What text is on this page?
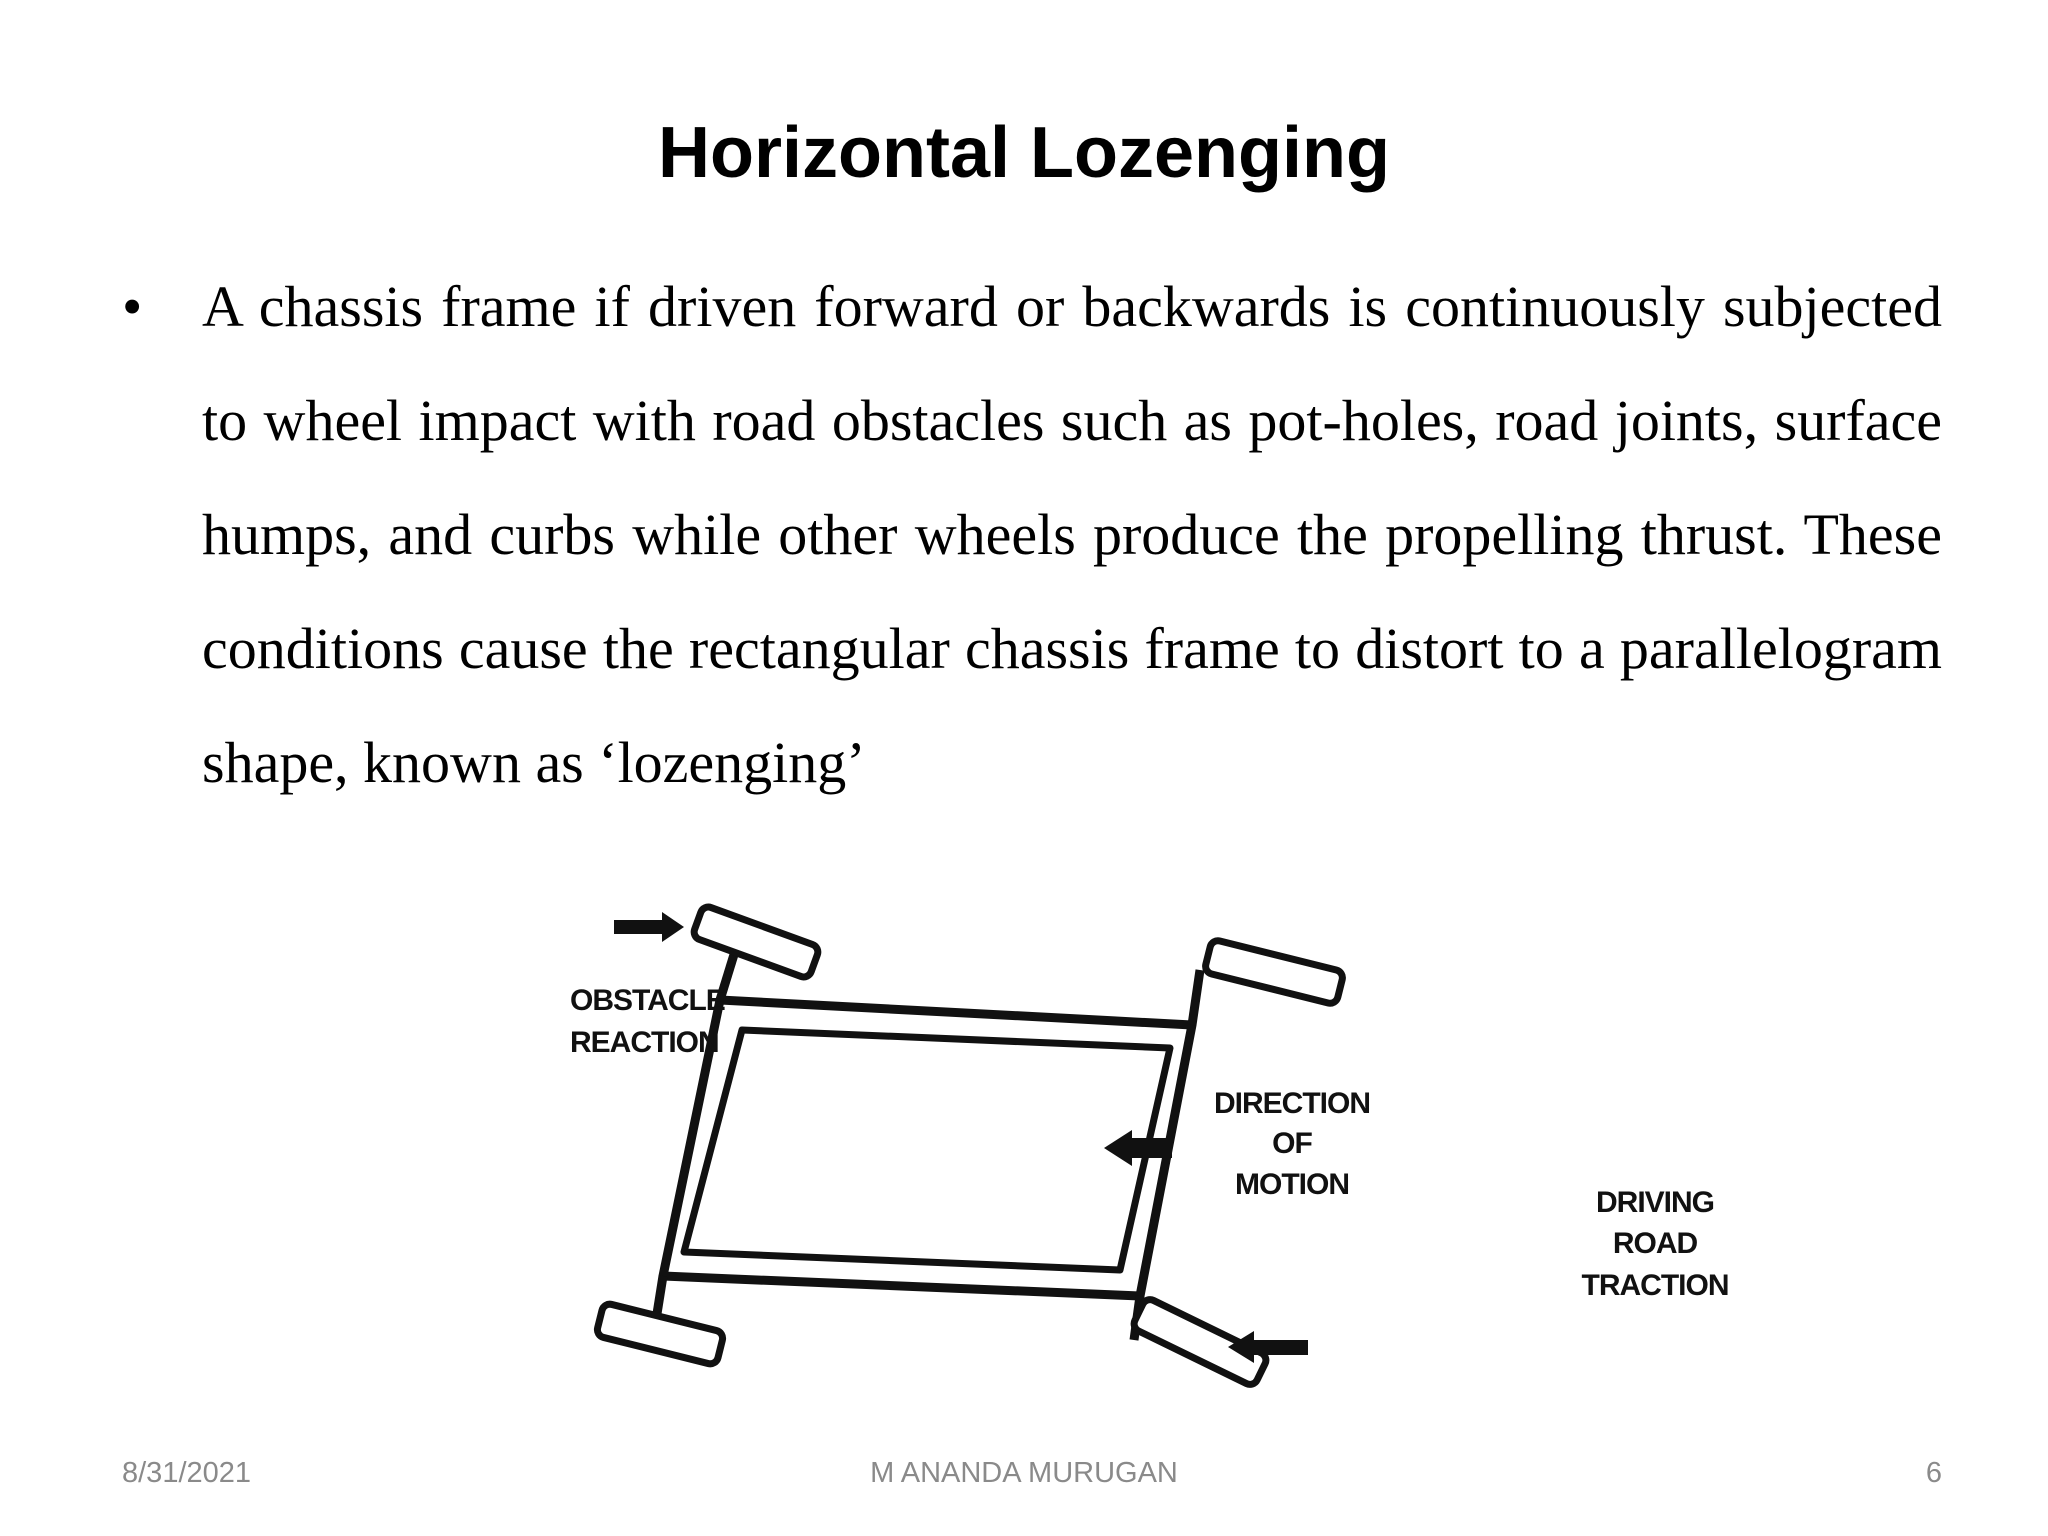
Horizontal Lozenging
• A chassis frame if driven forward or backwards is continuously subjected to wheel impact with road obstacles such as pot-holes, road joints, surface humps, and curbs while other wheels produce the propelling thrust. These conditions cause the rectangular chassis frame to distort to a parallelogram shape, known as ‘lozenging’

OBSTACLE
REACTION
DIRECTION
OF
MOTION
DRIVING
ROAD
TRACTION
8/31/2021	M ANANDA MURUGAN	6
